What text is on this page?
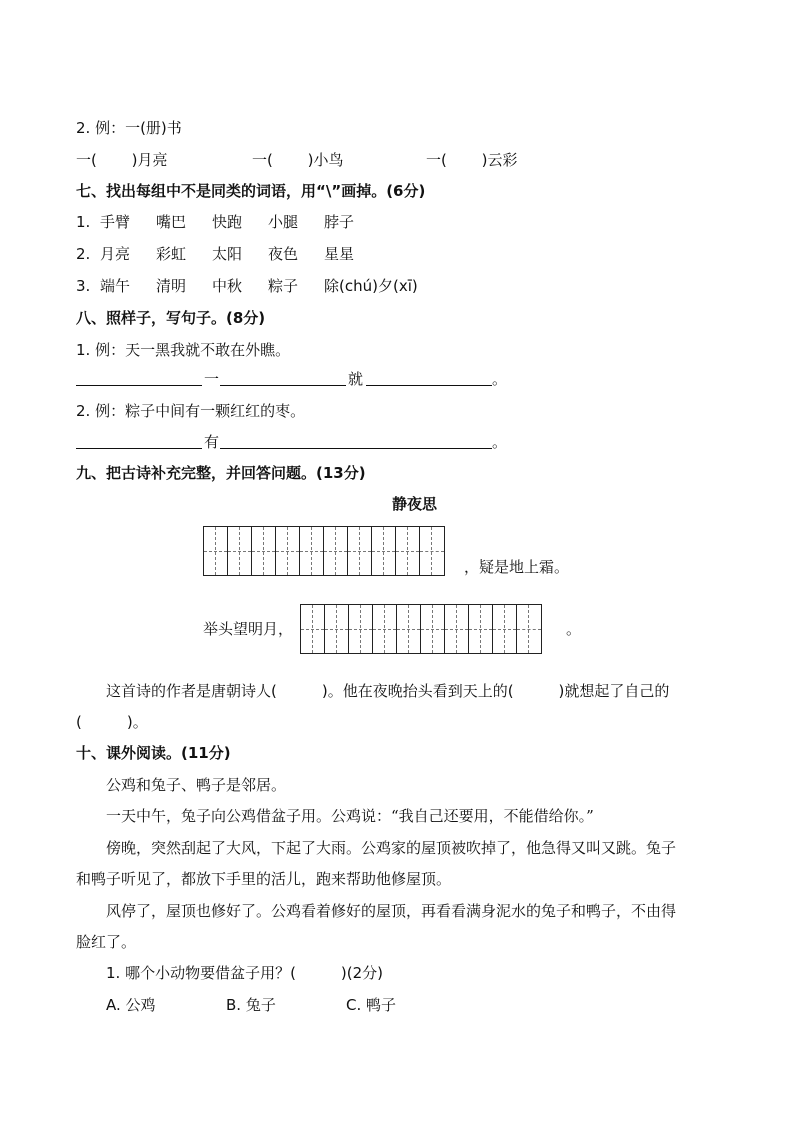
2. 例：一(册)书
一(　　 )月亮	一(　　 )小鸟	一(　　 )云彩
七、找出每组中不是同类的词语，用“\”画掉。(6分)
1. 手臂 嘴巴 快跑 小腿 脖子
2. 月亮 彩虹 太阳 夜色 星星
3. 端午 清明 中秋 粽子 除(chú)夕(xī)
八、照样子，写句子。(8分)
1. 例：天一黑我就不敢在外瞧。
一	就	。
2. 例：粽子中间有一颗红红的枣。
有	。
九、把古诗补充完整，并回答问题。(13分)
静夜思
，疑是地上霜。
举头望明月，	。
这首诗的作者是唐朝诗人(　　　)。他在夜晚抬头看到天上的(　　　)就想起了自己的
(　　　)。
十、课外阅读。(11分)
公鸡和兔子、鸭子是邻居。
一天中午，兔子向公鸡借盆子用。公鸡说：“我自己还要用，不能借给你。”
傍晚，突然刮起了大风，下起了大雨。公鸡家的屋顶被吹掉了，他急得又叫又跳。兔子
和鸭子听见了，都放下手里的活儿，跑来帮助他修屋顶。
风停了，屋顶也修好了。公鸡看着修好的屋顶，再看看满身泥水的兔子和鸭子，不由得
脸红了。
1. 哪个小动物要借盆子用？(　　　)(2分)
A. 公鸡	B. 兔子	C. 鸭子
